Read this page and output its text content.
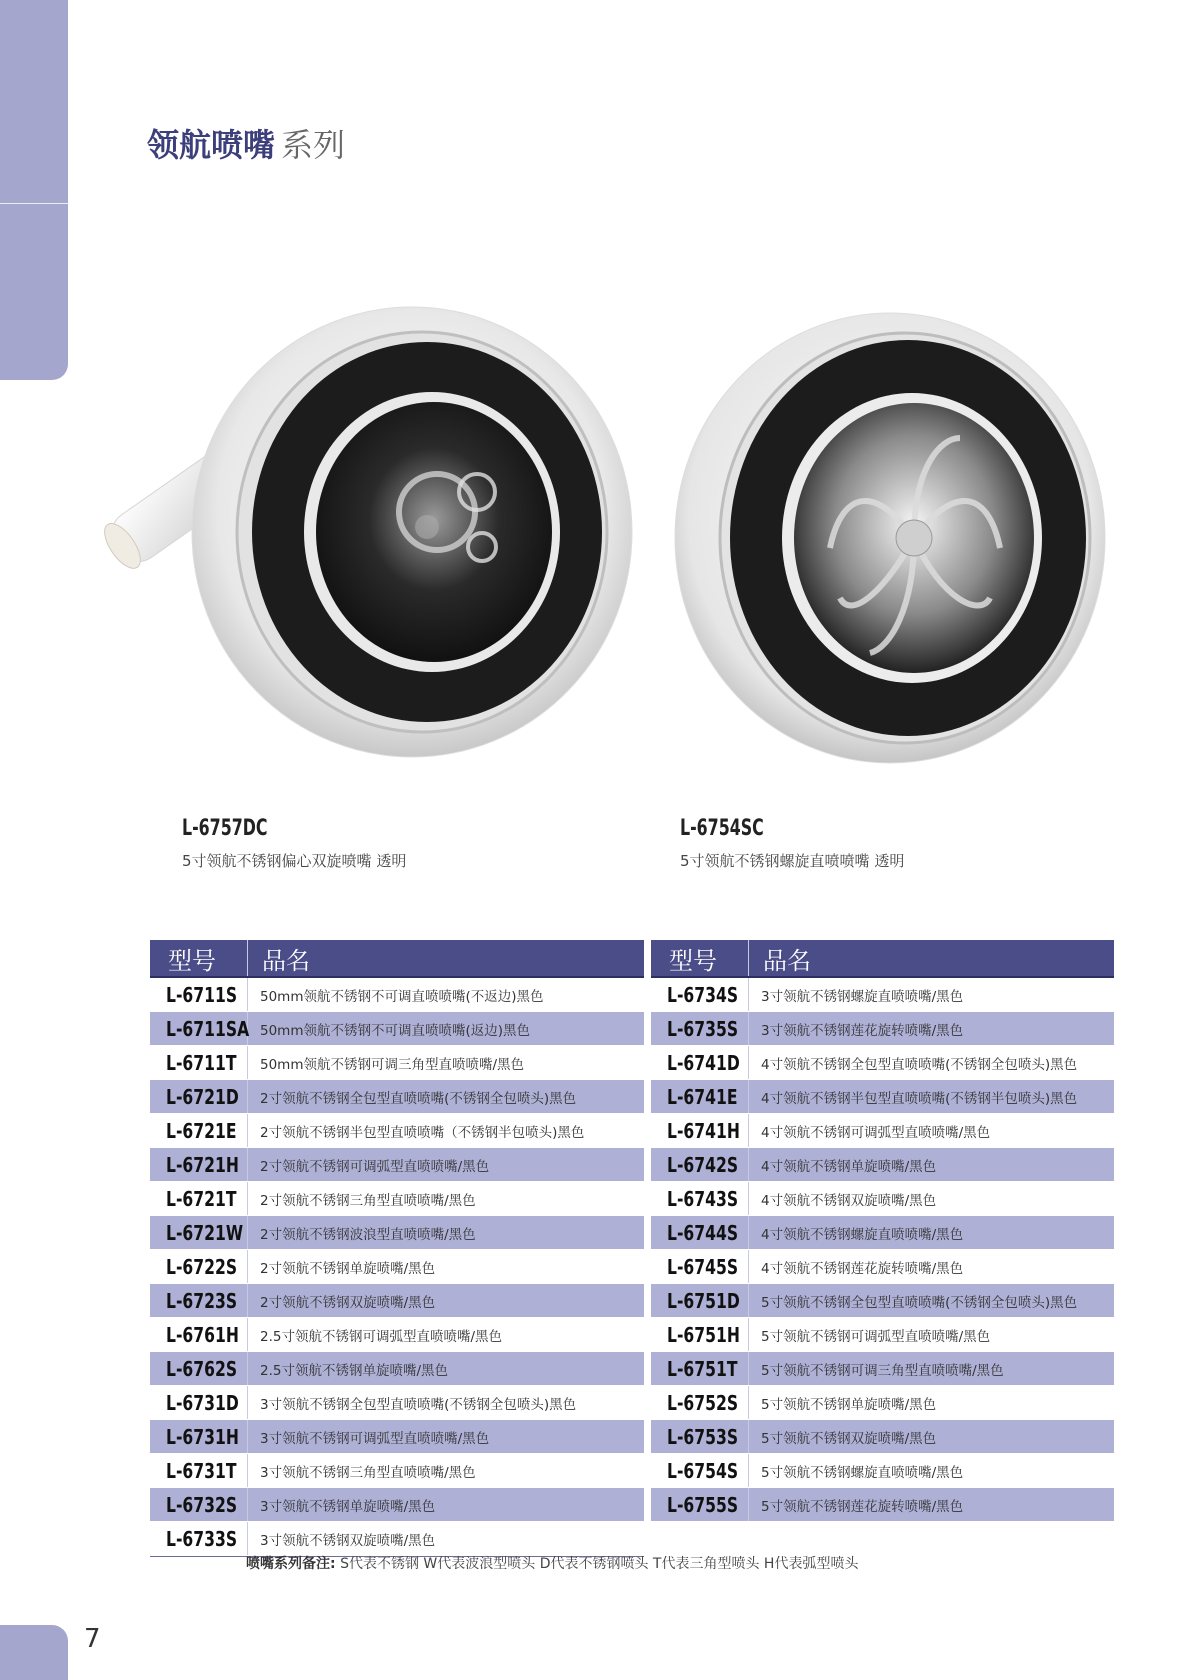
喷嘴
领航系列
领航喷嘴 系列
L-6757DC
5寸领航不锈钢偏心双旋喷嘴 透明
L-6754SC
5寸领航不锈钢螺旋直喷喷嘴 透明
型号	品名
L-6711S	50mm领航不锈钢不可调直喷喷嘴(不返边)黑色
L-6711SA 50mm领航不锈钢不可调直喷喷嘴(返边)黑色
L-6711T	50mm领航不锈钢可调三角型直喷喷嘴/黑色
L-6721D	2寸领航不锈钢全包型直喷喷嘴(不锈钢全包喷头)黑色
L-6721E	2寸领航不锈钢半包型直喷喷嘴（不锈钢半包喷头)黑色
L-6721H	2寸领航不锈钢可调弧型直喷喷嘴/黑色
L-6721T	2寸领航不锈钢三角型直喷喷嘴/黑色
L-6721W	2寸领航不锈钢波浪型直喷喷嘴/黑色
L-6722S	2寸领航不锈钢单旋喷嘴/黑色
L-6723S	2寸领航不锈钢双旋喷嘴/黑色
L-6761H	2.5寸领航不锈钢可调弧型直喷喷嘴/黑色
L-6762S	2.5寸领航不锈钢单旋喷嘴/黑色
L-6731D	3寸领航不锈钢全包型直喷喷嘴(不锈钢全包喷头)黑色
L-6731H	3寸领航不锈钢可调弧型直喷喷嘴/黑色
L-6731T	3寸领航不锈钢三角型直喷喷嘴/黑色
L-6732S	3寸领航不锈钢单旋喷嘴/黑色
L-6733S	3寸领航不锈钢双旋喷嘴/黑色
型号	品名
L-6734S	3寸领航不锈钢螺旋直喷喷嘴/黑色
L-6735S	3寸领航不锈钢莲花旋转喷嘴/黑色
L-6741D	4寸领航不锈钢全包型直喷喷嘴(不锈钢全包喷头)黑色
L-6741E	4寸领航不锈钢半包型直喷喷嘴(不锈钢半包喷头)黑色
L-6741H	4寸领航不锈钢可调弧型直喷喷嘴/黑色
L-6742S	4寸领航不锈钢单旋喷嘴/黑色
L-6743S	4寸领航不锈钢双旋喷嘴/黑色
L-6744S	4寸领航不锈钢螺旋直喷喷嘴/黑色
L-6745S	4寸领航不锈钢莲花旋转喷嘴/黑色
L-6751D	5寸领航不锈钢全包型直喷喷嘴(不锈钢全包喷头)黑色
L-6751H	5寸领航不锈钢可调弧型直喷喷嘴/黑色
L-6751T	5寸领航不锈钢可调三角型直喷喷嘴/黑色
L-6752S	5寸领航不锈钢单旋喷嘴/黑色
L-6753S	5寸领航不锈钢双旋喷嘴/黑色
L-6754S	5寸领航不锈钢螺旋直喷喷嘴/黑色
L-6755S	5寸领航不锈钢莲花旋转喷嘴/黑色
喷嘴系列备注: S代表不锈钢 W代表波浪型喷头 D代表不锈钢喷头 T代表三角型喷头 H代表弧型喷头
7
